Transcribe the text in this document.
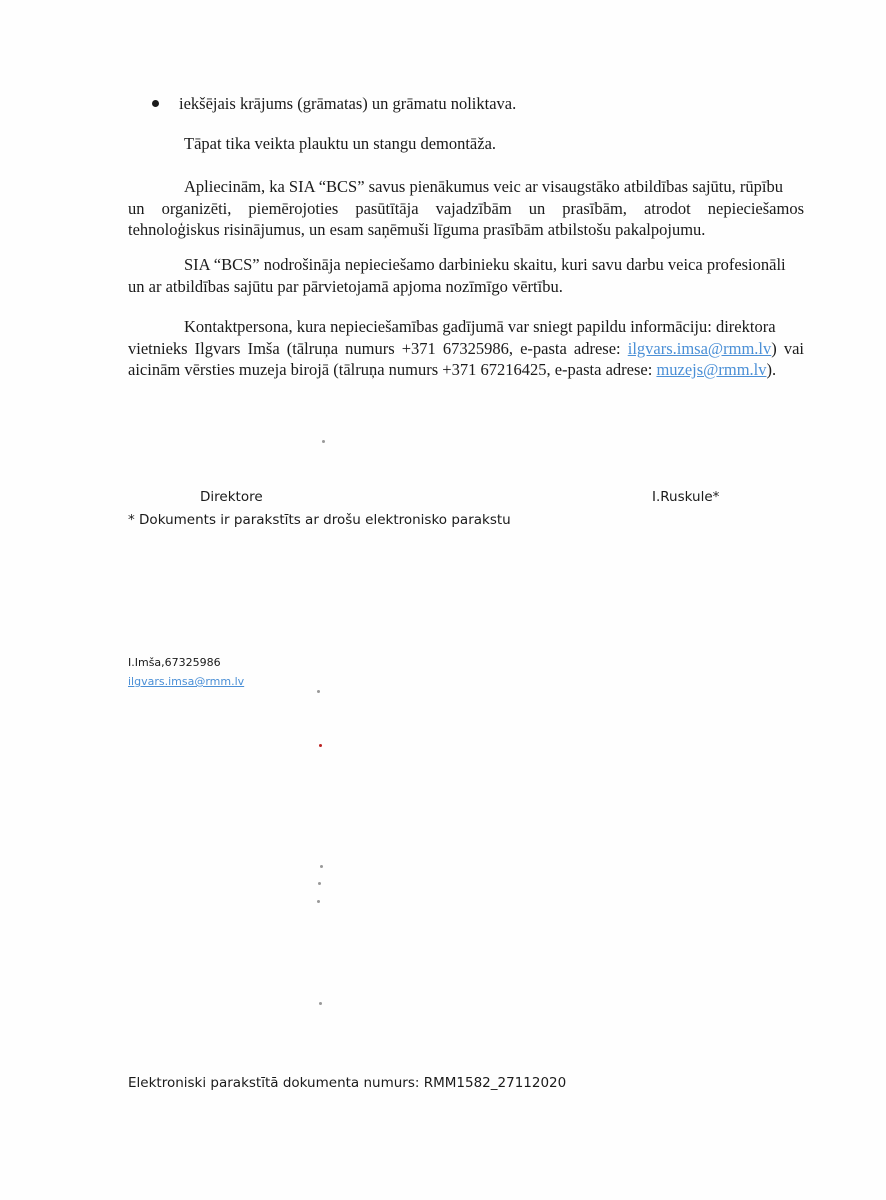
iekšējais krājums (grāmatas) un grāmatu noliktava.
Tāpat tika veikta plauktu un stangu demontāža.
Apliecinām, ka SIA “BCS” savus pienākumus veic ar visaugstāko atbildības sajūtu, rūpību
un organizēti, piemērojoties pasūtītāja vajadzībām un prasībām, atrodot nepieciešamos
tehnoloģiskus risinājumus, un esam saņēmuši līguma prasībām atbilstošu pakalpojumu.
SIA “BCS” nodrošināja nepieciešamo darbinieku skaitu, kuri savu darbu veica profesionāli
un ar atbildības sajūtu par pārvietojamā apjoma nozīmīgo vērtību.
Kontaktpersona, kura nepieciešamības gadījumā var sniegt papildu informāciju: direktora
vietnieks Ilgvars Imša (tālruņa numurs +371 67325986, e-pasta adrese: ilgvars.imsa@rmm.lv) vai
aicinām vērsties muzeja birojā (tālruņa numurs +371 67216425, e-pasta adrese: muzejs@rmm.lv).
Direktore	I.Ruskule*
* Dokuments ir parakstīts ar drošu elektronisko parakstu
I.Imša,67325986
ilgvars.imsa@rmm.lv
Elektroniski parakstītā dokumenta numurs: RMM1582_27112020
